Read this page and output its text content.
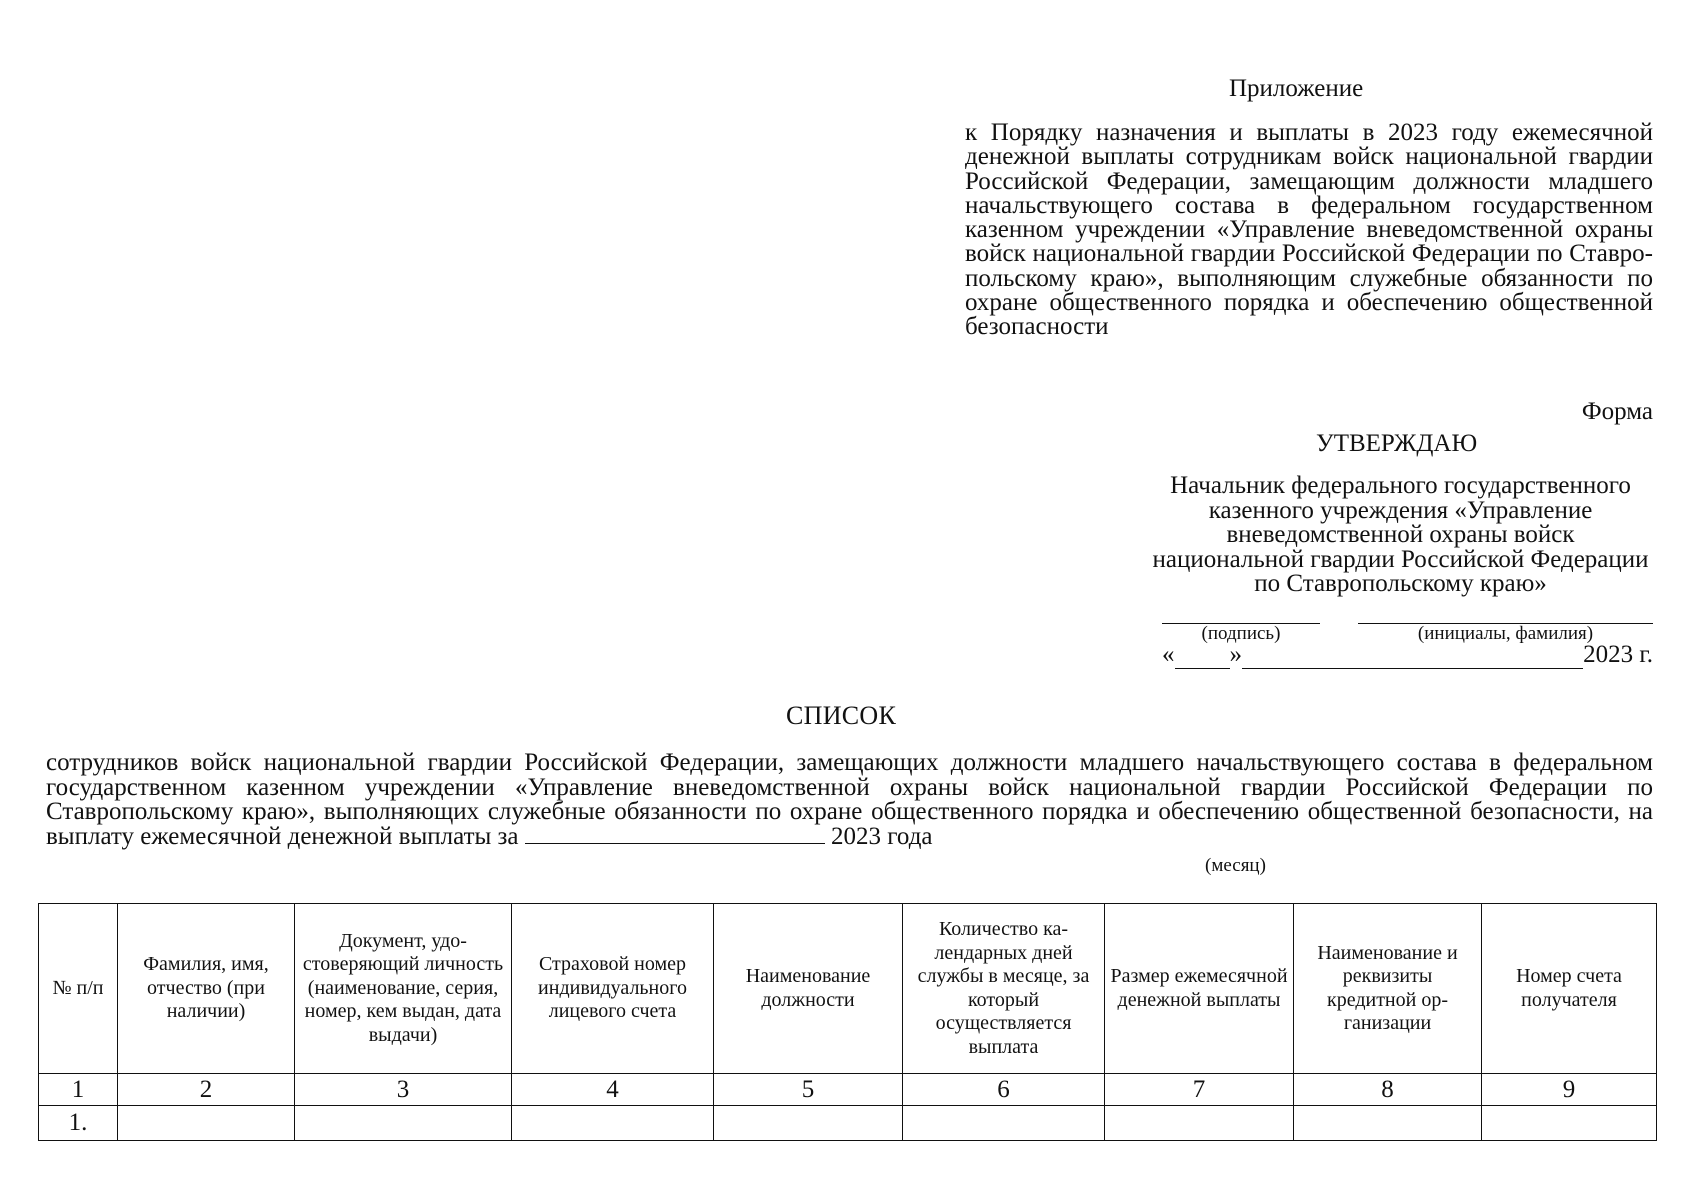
Приложение
к Порядку назначения и выплаты в 2023 году ежемесячной денежной выплаты сотрудникам войск национальной гвардии Российской Федерации, замещающим должности младшего начальствующего состава в федеральном государственном казенном учреждении «Управление вневедомственной охраны войск национальной гвардии Российской Федерации по Ставропольскому краю», выполняющим служебные обязанности по охране общественного порядка и обеспечению общественной безопасности
Форма
УТВЕРЖДАЮ
Начальник федерального государственного казенного учреждения «Управление вневедомственной охраны войск национальной гвардии Российской Федерации по Ставропольскому краю»
(подпись)	(инициалы, фамилия)
« »	2023 г.
СПИСОК
сотрудников войск национальной гвардии Российской Федерации, замещающих должности младшего начальствующего состава в федеральном государственном казенном учреждении «Управление вневедомственной охраны войск национальной гвардии Российской Федерации по Ставропольскому краю», выполняющих служебные обязанности по охране общественного порядка и обеспечению общественной безопасности, на выплату ежемесячной денежной выплаты за	2023 года
(месяц)
№ п/п	Фамилия, имя, отчество (при наличии)	Документ, удостоверяющий личность (наименование, серия, номер, кем выдан, дата выдачи)	Страховой номер индивидуального лицевого счета	Наименование должности	Количество календарных дней службы в месяце, за который осуществляется выплата	Размер ежемесячной денежной выплаты	Наименование и реквизиты кредитной организации	Номер счета получателя
1	2	3	4	5	6	7	8	9
1.								
